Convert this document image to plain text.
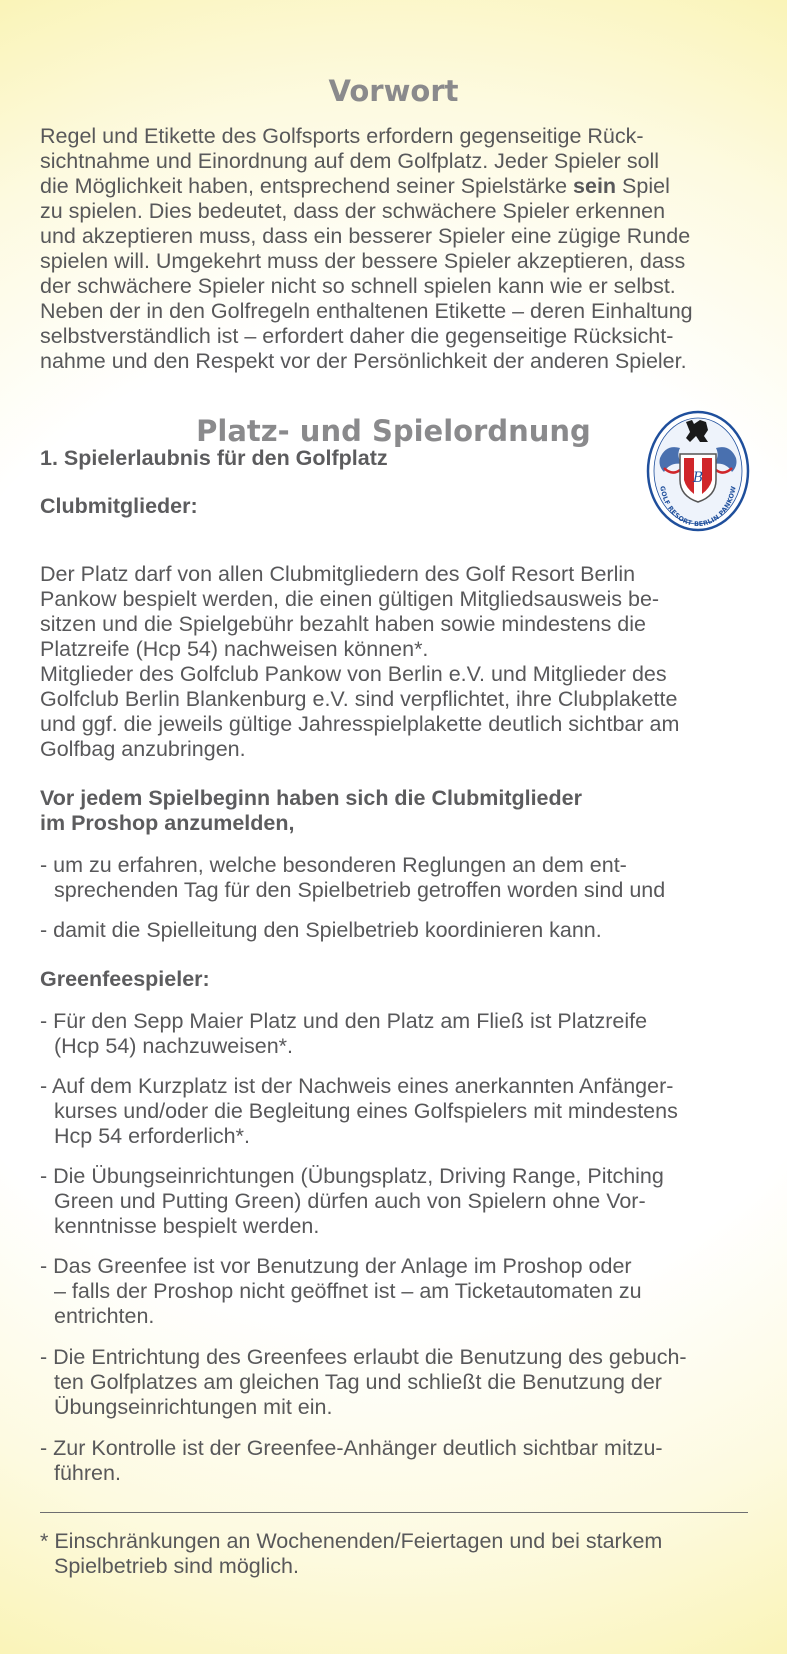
Vorwort

Regel und Etikette des Golfsports erfordern gegenseitige Rück-
sichtnahme und Einordnung auf dem Golfplatz. Jeder Spieler soll
die Möglichkeit haben, entsprechend seiner Spielstärke sein Spiel
zu spielen. Dies bedeutet, dass der schwächere Spieler erkennen
und akzeptieren muss, dass ein besserer Spieler eine zügige Runde
spielen will. Umgekehrt muss der bessere Spieler akzeptieren, dass
der schwächere Spieler nicht so schnell spielen kann wie er selbst.
Neben der in den Golfregeln enthaltenen Etikette – deren Einhaltung
selbstverständlich ist – erfordert daher die gegenseitige Rücksicht-
nahme und den Respekt vor der Persönlichkeit der anderen Spieler.

Platz- und Spielordnung
B
GOLF RESORT BERLIN PANKOW

1. Spielerlaubnis für den Golfplatz

Clubmitglieder:

Der Platz darf von allen Clubmitgliedern des Golf Resort Berlin
Pankow bespielt werden, die einen gültigen Mitgliedsausweis be-
sitzen und die Spielgebühr bezahlt haben sowie mindestens die
Platzreife (Hcp 54) nachweisen können*.
Mitglieder des Golfclub Pankow von Berlin e.V. und Mitglieder des
Golfclub Berlin Blankenburg e.V. sind verpflichtet, ihre Clubplakette
und ggf. die jeweils gültige Jahresspielplakette deutlich sichtbar am
Golfbag anzubringen.

Vor jedem Spielbeginn haben sich die Clubmitglieder
im Proshop anzumelden,

- um zu erfahren, welche besonderen Reglungen an dem ent-
sprechenden Tag für den Spielbetrieb getroffen worden sind und

- damit die Spielleitung den Spielbetrieb koordinieren kann.

Greenfeespieler:

- Für den Sepp Maier Platz und den Platz am Fließ ist Platzreife
(Hcp 54) nachzuweisen*.

- Auf dem Kurzplatz ist der Nachweis eines anerkannten Anfänger-
kurses und/oder die Begleitung eines Golfspielers mit mindestens
Hcp 54 erforderlich*.

- Die Übungseinrichtungen (Übungsplatz, Driving Range, Pitching
Green und Putting Green) dürfen auch von Spielern ohne Vor-
kenntnisse bespielt werden.

- Das Greenfee ist vor Benutzung der Anlage im Proshop oder
– falls der Proshop nicht geöffnet ist – am Ticketautomaten zu
entrichten.

- Die Entrichtung des Greenfees erlaubt die Benutzung des gebuch-
ten Golfplatzes am gleichen Tag und schließt die Benutzung der
Übungseinrichtungen mit ein.

- Zur Kontrolle ist der Greenfee-Anhänger deutlich sichtbar mitzu-
führen.

* Einschränkungen an Wochenenden/Feiertagen und bei starkem
Spielbetrieb sind möglich.
